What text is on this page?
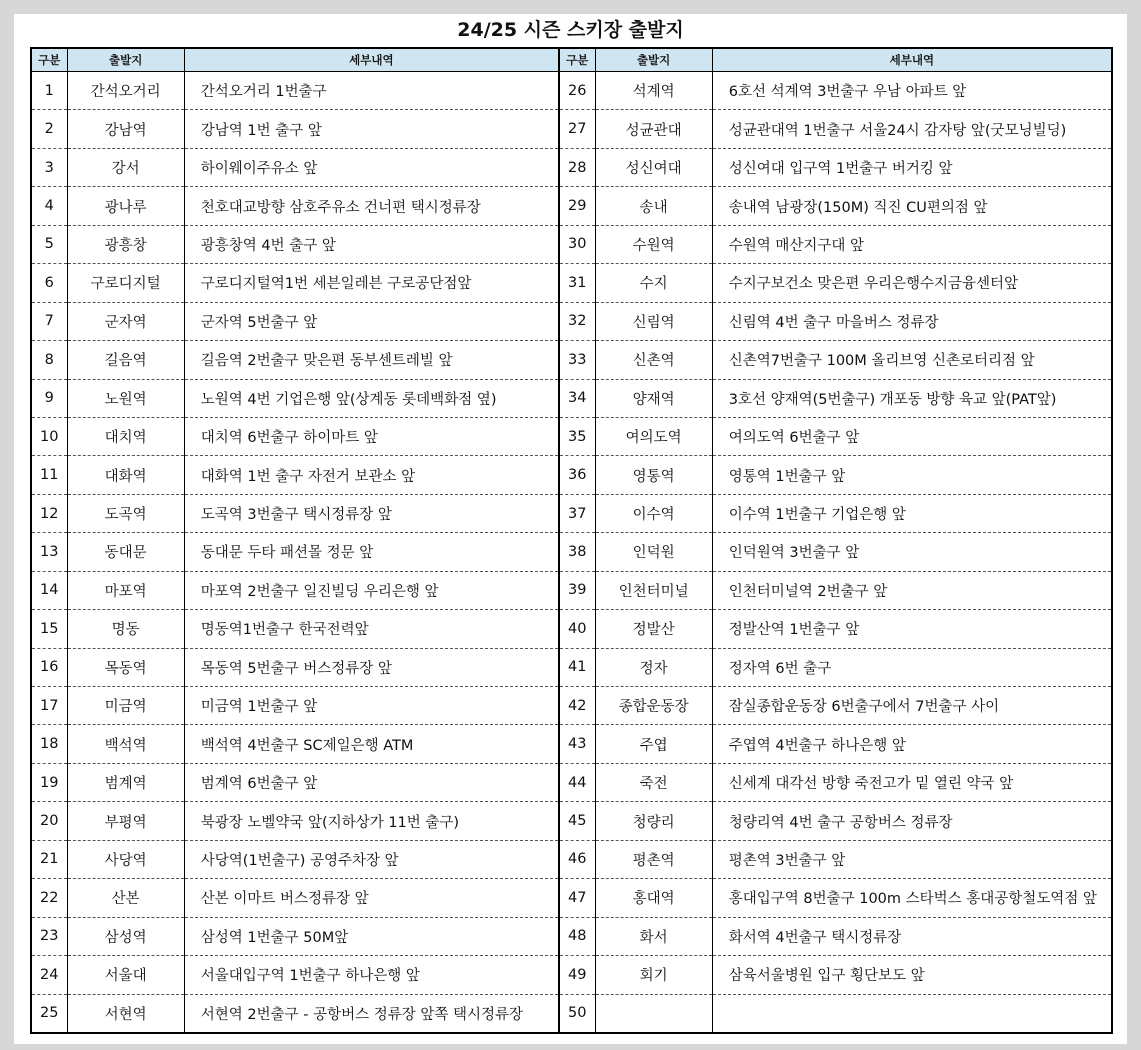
24/25 시즌 스키장 출발지
구분	출발지	세부내역	구분	출발지	세부내역
1	간석오거리	간석오거리 1번출구	26	석계역	6호선 석계역 3번출구 우남 아파트 앞
2	강남역	강남역 1번 출구 앞	27	성균관대	성균관대역 1번출구 서울24시 감자탕 앞(굿모닝빌딩)
3	강서	하이웨이주유소 앞	28	성신여대	성신여대 입구역 1번출구 버거킹 앞
4	광나루	천호대교방향 삼호주유소 건너편 택시정류장	29	송내	송내역 남광장(150M) 직진 CU편의점 앞
5	광흥창	광흥창역 4번 출구 앞	30	수원역	수원역 매산지구대 앞
6	구로디지털	구로디지털역1번 세븐일레븐 구로공단점앞	31	수지	수지구보건소 맞은편 우리은행수지금융센터앞
7	군자역	군자역 5번출구 앞	32	신림역	신림역 4번 출구 마을버스 정류장
8	길음역	길음역 2번출구 맞은편 동부센트레빌 앞	33	신촌역	신촌역7번출구 100M 올리브영 신촌로터리점 앞
9	노원역	노원역 4번 기업은행 앞(상계동 롯데백화점 옆)	34	양재역	3호선 양재역(5번출구) 개포동 방향 육교 앞(PAT앞)
10	대치역	대치역 6번출구 하이마트 앞	35	여의도역	여의도역 6번출구 앞
11	대화역	대화역 1번 출구 자전거 보관소 앞	36	영통역	영통역 1번출구 앞
12	도곡역	도곡역 3번출구 택시정류장 앞	37	이수역	이수역 1번출구 기업은행 앞
13	동대문	동대문 두타 패션몰 정문 앞	38	인덕원	인덕원역 3번출구 앞
14	마포역	마포역 2번출구 일진빌딩 우리은행 앞	39	인천터미널	인천터미널역 2번출구 앞
15	명동	명동역1번출구 한국전력앞	40	정발산	정발산역 1번출구 앞
16	목동역	목동역 5번출구 버스정류장 앞	41	정자	정자역 6번 출구
17	미금역	미금역 1번출구 앞	42	종합운동장	잠실종합운동장 6번출구에서 7번출구 사이
18	백석역	백석역 4번출구 SC제일은행 ATM	43	주엽	주엽역 4번출구 하나은행 앞
19	범계역	범계역 6번출구 앞	44	죽전	신세계 대각선 방향 죽전고가 밑 열린 약국 앞
20	부평역	북광장 노벨약국 앞(지하상가 11번 출구)	45	청량리	청량리역 4번 출구 공항버스 정류장
21	사당역	사당역(1번출구) 공영주차장 앞	46	평촌역	평촌역 3번출구 앞
22	산본	산본 이마트 버스정류장 앞	47	홍대역	홍대입구역 8번출구 100m 스타벅스 홍대공항철도역점 앞
23	삼성역	삼성역 1번출구 50M앞	48	화서	화서역 4번출구 택시정류장
24	서울대	서울대입구역 1번출구 하나은행 앞	49	회기	삼육서울병원 입구 횡단보도 앞
25	서현역	서현역 2번출구 - 공항버스 정류장 앞쪽 택시정류장	50		
